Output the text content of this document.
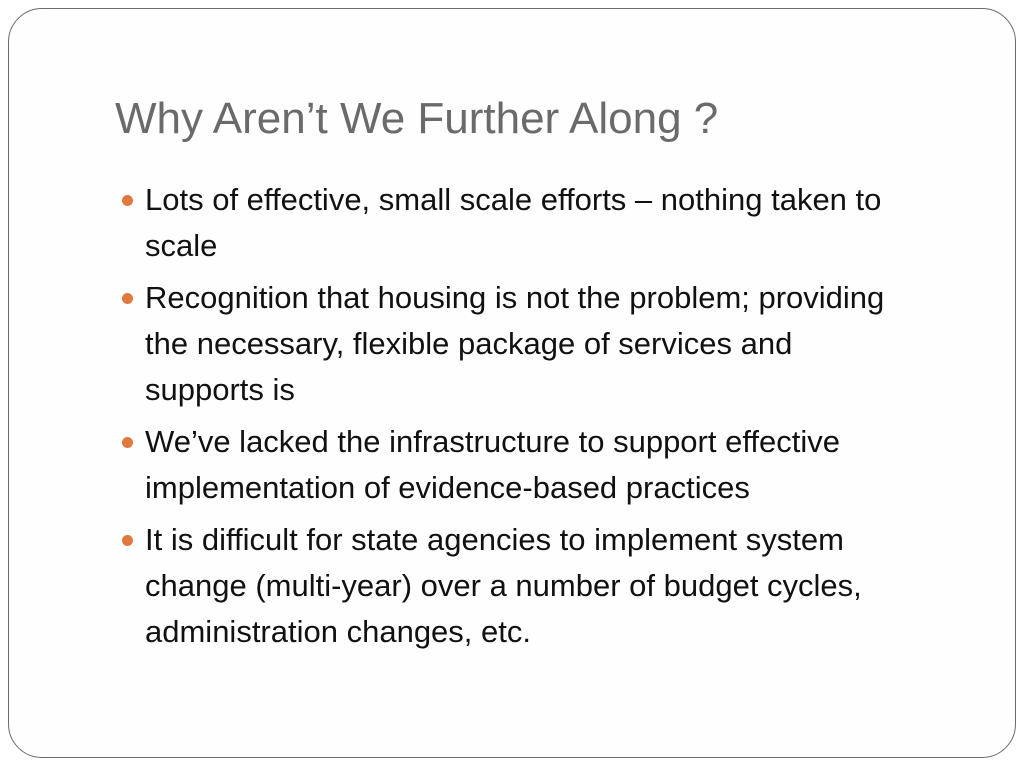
Why Aren’t We Further Along ?
Lots of effective, small scale efforts – nothing taken to scale
Recognition that housing is not the problem; providing the necessary, flexible package of services and supports is
We’ve lacked the infrastructure to support effective implementation of evidence-based practices
It is difficult for state agencies to implement system change (multi-year) over a number of budget cycles, administration changes, etc.
